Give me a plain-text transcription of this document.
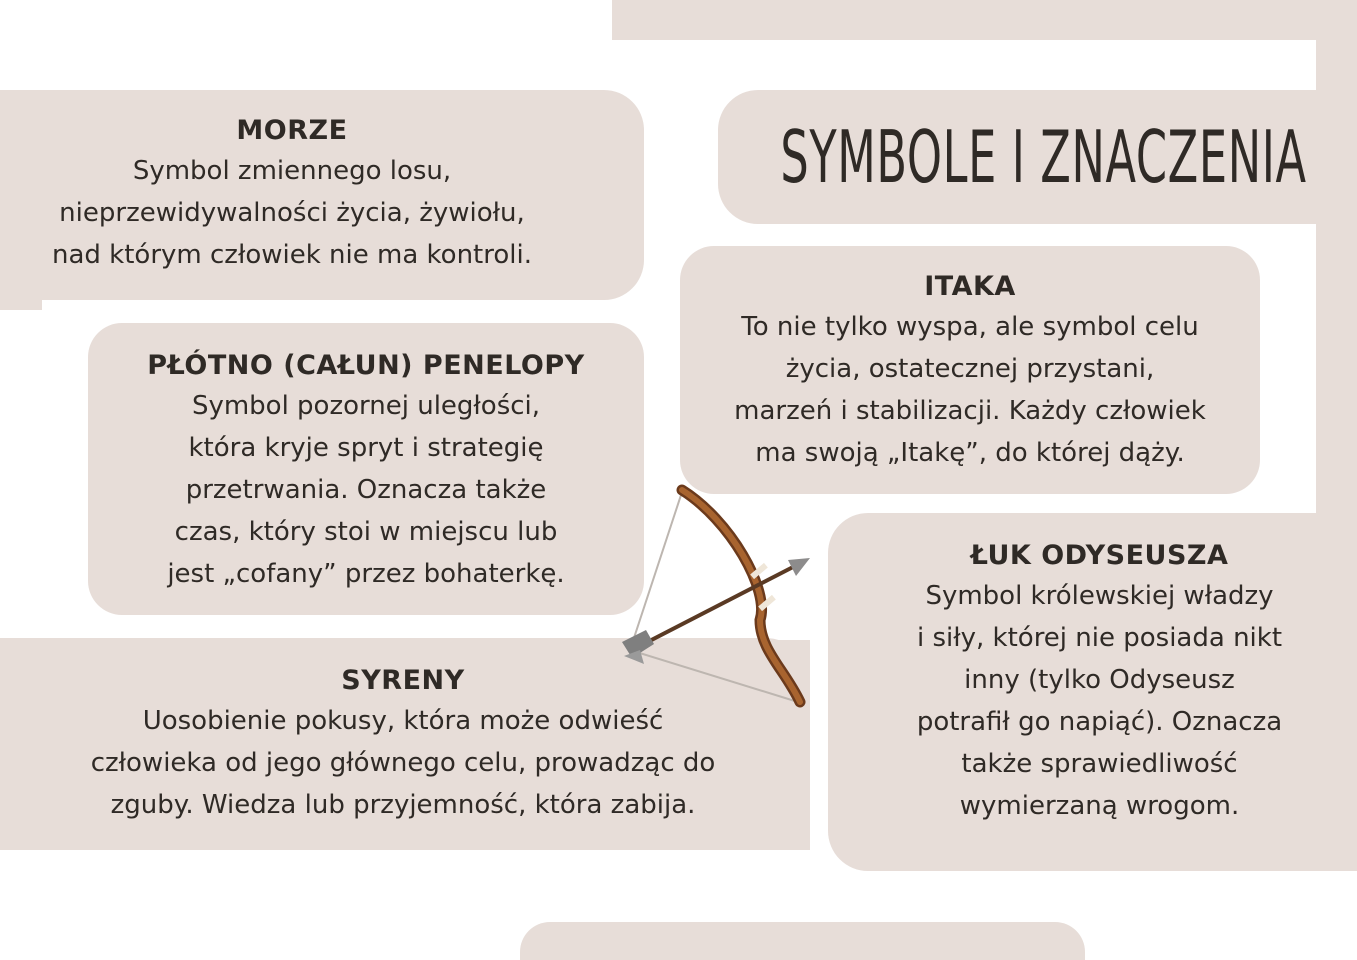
SYMBOLE I ZNACZENIA
MORZE

Symbol zmiennego losu,
nieprzewidywalności życia, żywiołu,
nad którym człowiek nie ma kontroli.

PŁÓTNO (CAŁUN) PENELOPY

Symbol pozornej uległości,
która kryje spryt i strategię
przetrwania. Oznacza także
czas, który stoi w miejscu lub
jest „cofany” przez bohaterkę.

ITAKA

To nie tylko wyspa, ale symbol celu
życia, ostatecznej przystani,
marzeń i stabilizacji. Każdy człowiek
ma swoją „Itakę”, do której dąży.

SYRENY

Uosobienie pokusy, która może odwieść
człowieka od jego głównego celu, prowadząc do
zguby. Wiedza lub przyjemność, która zabija.

ŁUK ODYSEUSZA

Symbol królewskiej władzy
i siły, której nie posiada nikt
inny (tylko Odyseusz
potrafił go napiąć). Oznacza
także sprawiedliwość
wymierzaną wrogom.
